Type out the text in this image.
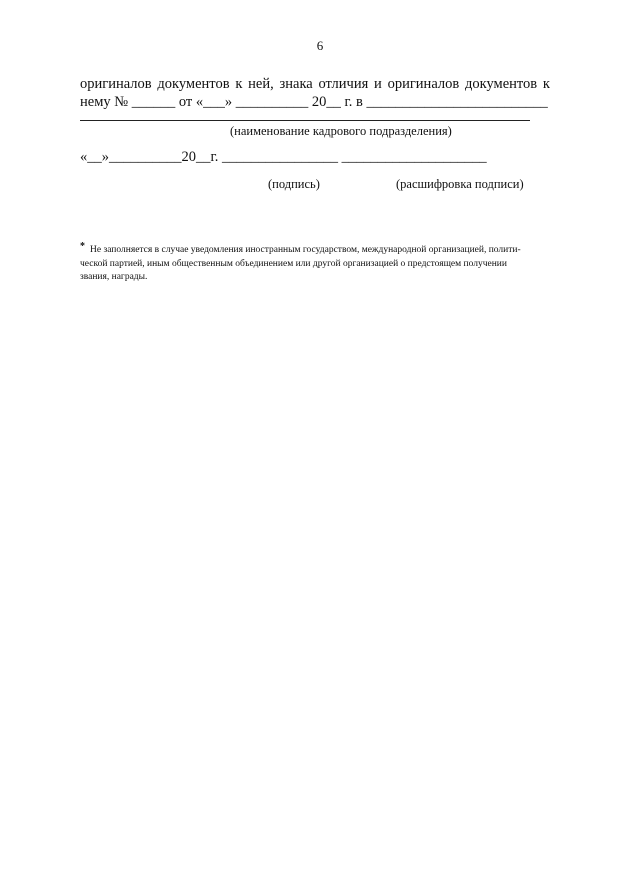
6
оригиналов документов к ней, знака отличия и оригиналов документов к
нему № ______ от «___» __________ 20__ г. в _________________________
(наименование кадрового подразделения)
«__»__________20__г. ________________ ____________________
(подпись)	(расшифровка подписи)
* Не заполняется в случае уведомления иностранным государством, международной организацией, полити-
ческой партией, иным общественным объединением или другой организацией о предстоящем получении
звания, награды.
